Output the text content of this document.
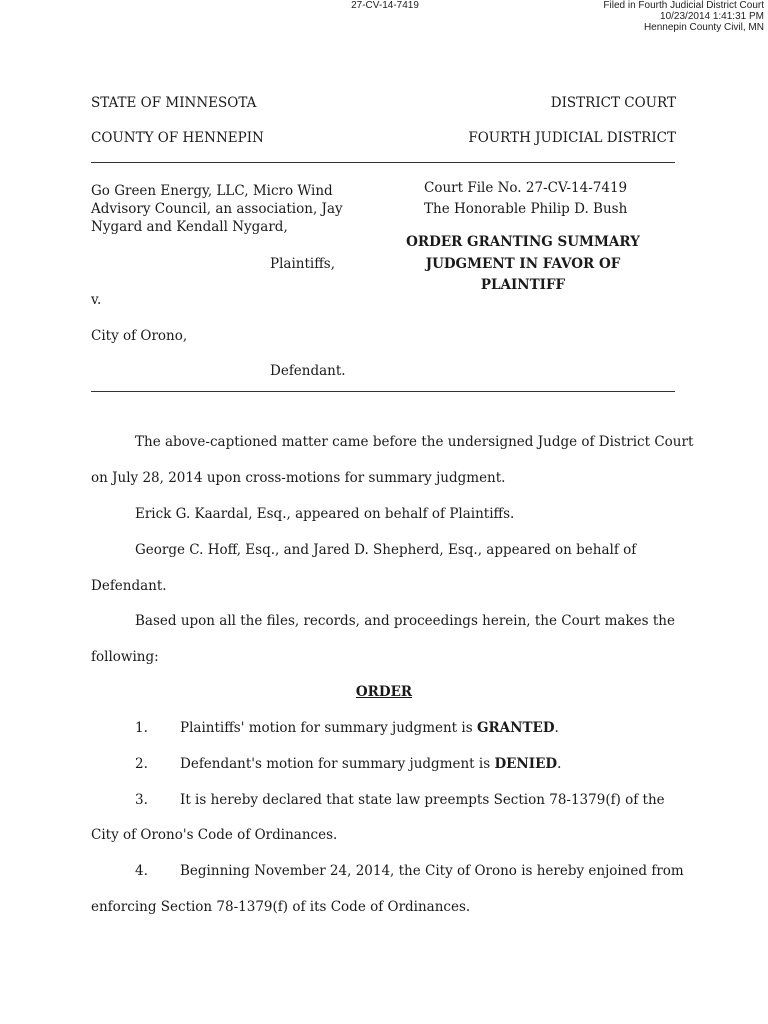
27-CV-14-7419	Filed in Fourth Judicial District Court
10/23/2014 1:41:31 PM
Hennepin County Civil, MN
STATE OF MINNESOTA	DISTRICT COURT
COUNTY OF HENNEPIN	FOURTH JUDICIAL DISTRICT
Go Green Energy, LLC, Micro Wind
Advisory Council, an association, Jay
Nygard and Kendall Nygard,
Plaintiffs,
v.
City of Orono,
Defendant.
Court File No. 27-CV-14-7419
The Honorable Philip D. Bush
ORDER GRANTING SUMMARY
JUDGMENT IN FAVOR OF
PLAINTIFF
The above-captioned matter came before the undersigned Judge of District Court
on July 28, 2014 upon cross-motions for summary judgment.
Erick G. Kaardal, Esq., appeared on behalf of Plaintiffs.
George C. Hoff, Esq., and Jared D. Shepherd, Esq., appeared on behalf of
Defendant.
Based upon all the files, records, and proceedings herein, the Court makes the
following:
ORDER
1. Plaintiffs' motion for summary judgment is GRANTED.
2. Defendant's motion for summary judgment is DENIED.
3. It is hereby declared that state law preempts Section 78-1379(f) of the
City of Orono's Code of Ordinances.
4. Beginning November 24, 2014, the City of Orono is hereby enjoined from
enforcing Section 78-1379(f) of its Code of Ordinances.
